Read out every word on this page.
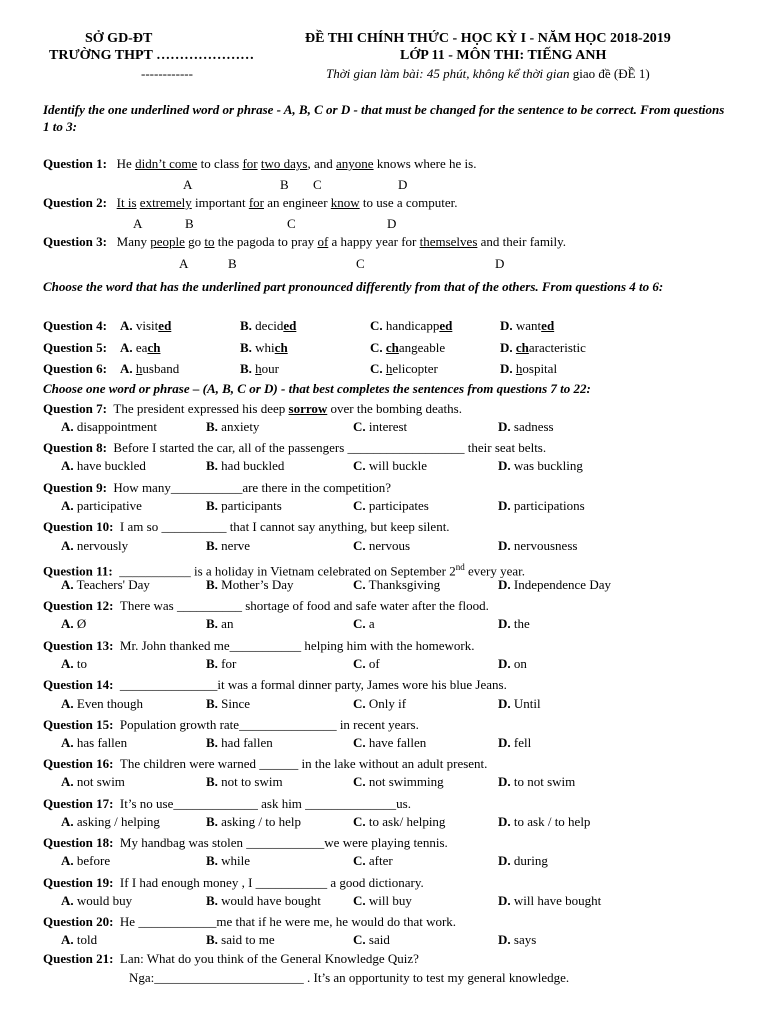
SỞ GD-ĐT
TRƯỜNG THPT …………………
------------
ĐỀ THI CHÍNH THỨC - HỌC KỲ I - NĂM HỌC 2018-2019
LỚP 11 - MÔN THI: TIẾNG ANH
Thời gian làm bài: 45 phút, không kể thời gian giao đề (ĐỀ 1)
Identify the one underlined word or phrase - A, B, C or D - that must be changed for the sentence to be correct. From questions 1 to 3:
Question 1: He didn’t come to class for two days, and anyone knows where he is.
A	B C	D
Question 2: It is extremely important for an engineer know to use a computer.
A	B	C	D
Question 3: Many people go to the pagoda to pray of a happy year for themselves and their family.
A	B	C	D
Choose the word that has the underlined part pronounced differently from that of the others. From questions 4 to 6:
Question 4: A. visited	B. decided	C. handicapped	D. wanted
Question 5: A. each	B. which	C. changeable	D. characteristic
Question 6: A. husband	B. hour	C. helicopter	D. hospital
Choose one word or phrase – (A, B, C or D) - that best completes the sentences from questions 7 to 22:
Question 7: The president expressed his deep sorrow over the bombing deaths.
A. disappointment	B. anxiety	C. interest	D. sadness
Question 8: Before I started the car, all of the passengers __________________ their seat belts.
A. have buckled	B. had buckled	C. will buckle	D. was buckling
Question 9: How many___________are there in the competition?
A. participative	B. participants	C. participates	D. participations
Question 10: I am so __________ that I cannot say anything, but keep silent.
A. nervously	B. nerve	C. nervous	D. nervousness
Question 11: ___________ is a holiday in Vietnam celebrated on September 2nd every year.
A. Teachers' Day	B. Mother’s Day	C. Thanksgiving	D. Independence Day
Question 12: There was __________ shortage of food and safe water after the flood.
A. Ø	B. an	C. a	D. the
Question 13: Mr. John thanked me___________ helping him with the homework.
A. to	B. for	C. of	D. on
Question 14: _______________it was a formal dinner party, James wore his blue Jeans.
A. Even though	B. Since	C. Only if	D. Until
Question 15: Population growth rate_______________ in recent years.
A. has fallen	B. had fallen	C. have fallen	D. fell
Question 16: The children were warned ______ in the lake without an adult present.
A. not swim	B. not to swim	C. not swimming	D. to not swim
Question 17: It’s no use_____________ ask him ______________us.
A. asking / helping	B. asking / to help	C. to ask/ helping	D. to ask / to help
Question 18: My handbag was stolen ____________we were playing tennis.
A. before	B. while	C. after	D. during
Question 19: If I had enough money , I ___________ a good dictionary.
A. would buy	B. would have bought C. will buy	D. will have bought
Question 20: He ____________me that if he were me, he would do that work.
A. told	B. said to me	C. said	D. says
Question 21: Lan: What do you think of the General Knowledge Quiz?
Nga:_______________________ . It’s an opportunity to test my general knowledge.
